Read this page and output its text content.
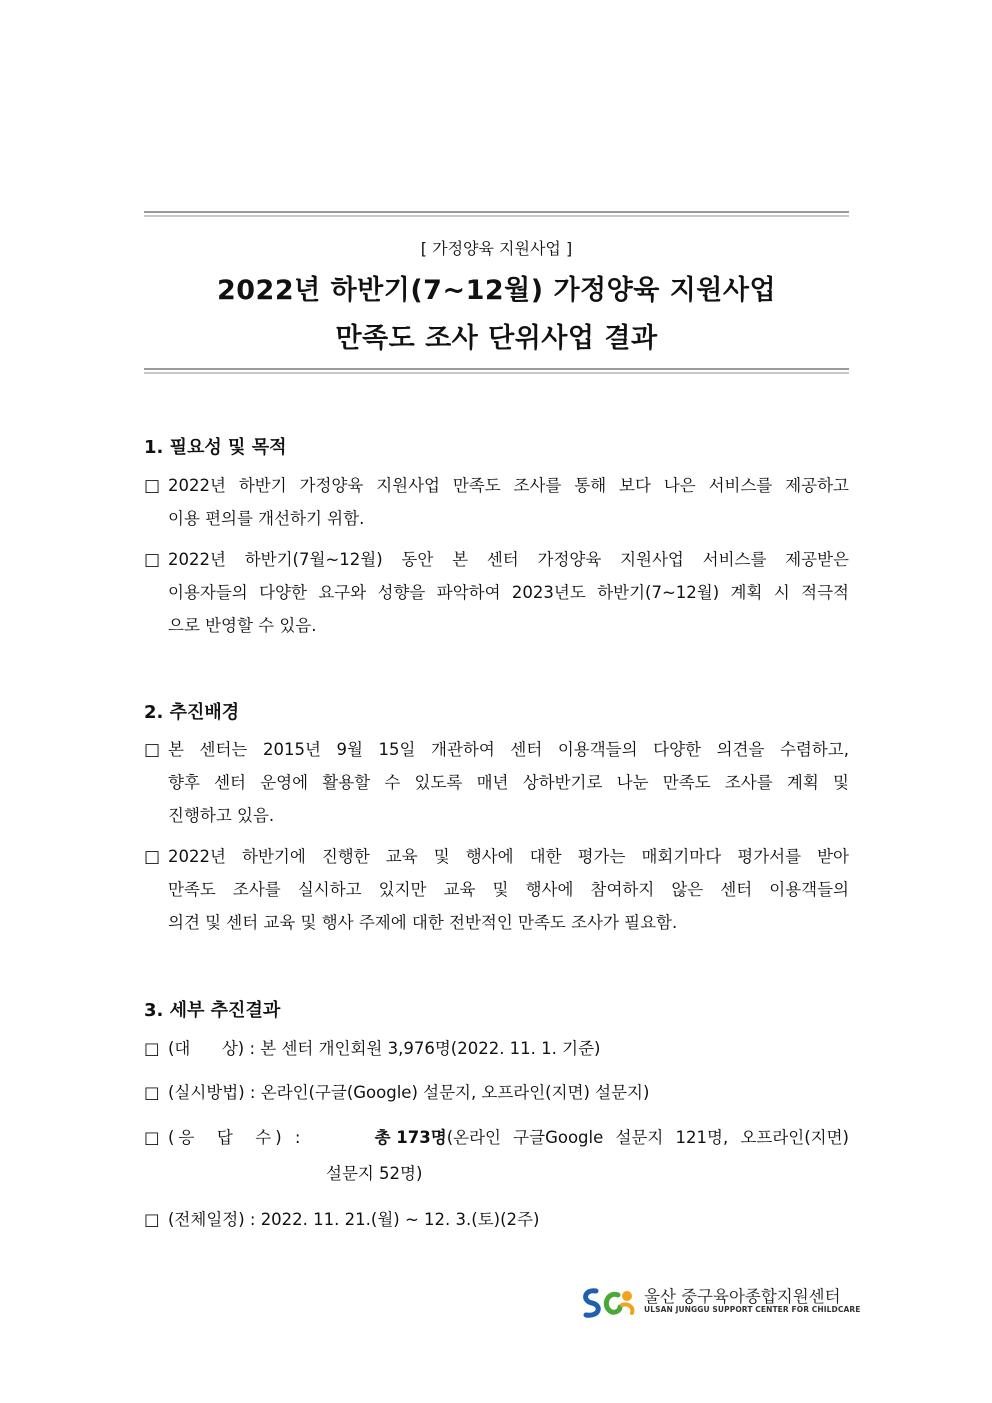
[ 가정양육 지원사업 ]
2022년 하반기(7~12월) 가정양육 지원사업
만족도 조사 단위사업 결과
1. 필요성 및 목적
□ 2022년 하반기 가정양육 지원사업 만족도 조사를 통해 보다 나은 서비스를 제공하고
이용 편의를 개선하기 위함.
□ 2022년 하반기(7월~12월) 동안 본 센터 가정양육 지원사업 서비스를 제공받은
이용자들의 다양한 요구와 성향을 파악하여 2023년도 하반기(7~12월) 계획 시 적극적
으로 반영할 수 있음.
2. 추진배경
□ 본 센터는 2015년 9월 15일 개관하여 센터 이용객들의 다양한 의견을 수렴하고,
향후 센터 운영에 활용할 수 있도록 매년 상하반기로 나눈 만족도 조사를 계획 및
진행하고 있음.
□ 2022년 하반기에 진행한 교육 및 행사에 대한 평가는 매회기마다 평가서를 받아
만족도 조사를 실시하고 있지만 교육 및 행사에 참여하지 않은 센터 이용객들의
의견 및 센터 교육 및 행사 주제에 대한 전반적인 만족도 조사가 필요함.
3. 세부 추진결과
□ (대      상) : 본 센터 개인회원 3,976명(2022. 11. 1. 기준)
□ (실시방법) : 온라인(구글(Google) 설문지, 오프라인(지면) 설문지)
□ (응  답  수) :	총 173명(온라인 구글Google 설문지 121명, 오프라인(지면)
설문지 52명)
□ (전체일정) : 2022. 11. 21.(월) ~ 12. 3.(토)(2주)
울산 중구육아종합지원센터
ULSAN JUNGGU SUPPORT CENTER FOR CHILDCARE
